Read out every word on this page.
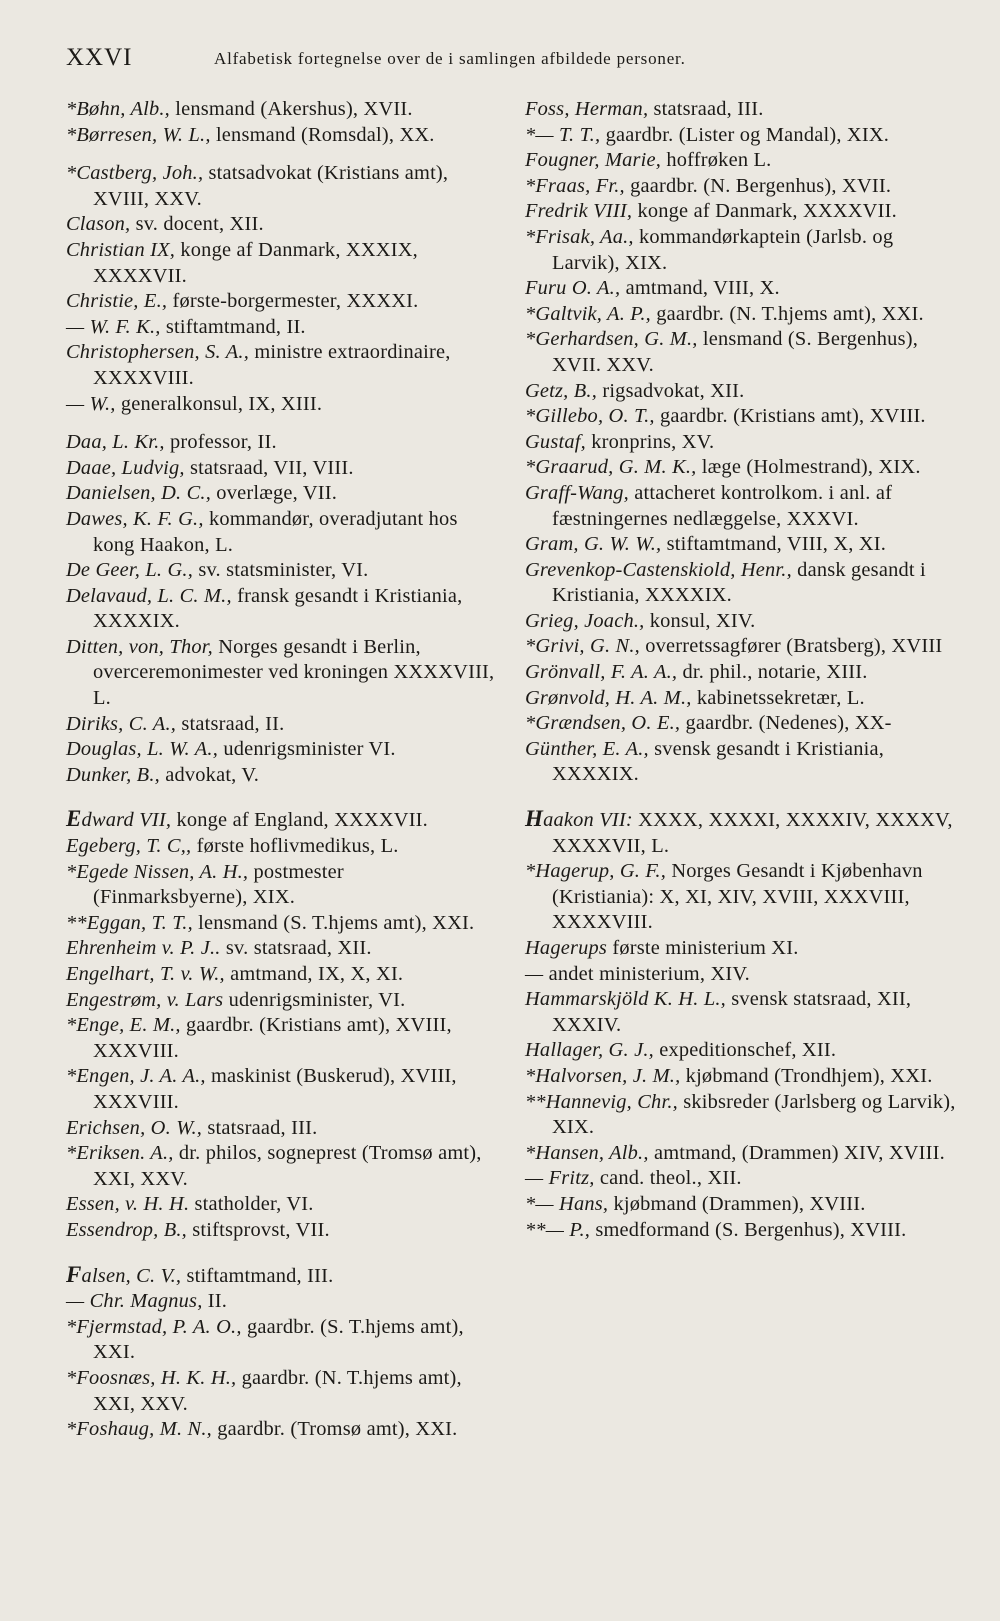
XXVI	Alfabetisk fortegnelse over de i samlingen afbildede personer.
*Bøhn, Alb., lensmand (Akershus), XVII.
*Børresen, W. L., lensmand (Romsdal), XX.
*Castberg, Joh., statsadvokat (Kristians amt), XVIII, XXV.
Clason, sv. docent, XII.
Christian IX, konge af Danmark, XXXIX, XXXXVII.
Christie, E., første-borgermester, XXXXI.
— W. F. K., stiftamtmand, II.
Christophersen, S. A., ministre extraordinaire, XXXXVIII.
— W., generalkonsul, IX, XIII.
Daa, L. Kr., professor, II.
Daae, Ludvig, statsraad, VII, VIII.
Danielsen, D. C., overlæge, VII.
Dawes, K. F. G., kommandør, overadjutant hos kong Haakon, L.
De Geer, L. G., sv. statsminister, VI.
Delavaud, L. C. M., fransk gesandt i Kristiania, XXXXIX.
Ditten, von, Thor, Norges gesandt i Berlin, overceremonimester ved kroningen XXXXVIII, L.
Diriks, C. A., statsraad, II.
Douglas, L. W. A., udenrigsminister VI.
Dunker, B., advokat, V.
Edward VII, konge af England, XXXXVII.
Egeberg, T. C,, første hoflivmedikus, L.
*Egede Nissen, A. H., postmester (Finmarksbyerne), XIX.
**Eggan, T. T., lensmand (S. T.hjems amt), XXI.
Ehrenheim v. P. J.. sv. statsraad, XII.
Engelhart, T. v. W., amtmand, IX, X, XI.
Engestrøm, v. Lars udenrigsminister, VI.
*Enge, E. M., gaardbr. (Kristians amt), XVIII, XXXVIII.
*Engen, J. A. A., maskinist (Buskerud), XVIII, XXXVIII.
Erichsen, O. W., statsraad, III.
*Eriksen. A., dr. philos, sogneprest (Tromsø amt), XXI, XXV.
Essen, v. H. H. statholder, VI.
Essendrop, B., stiftsprovst, VII.
Falsen, C. V., stiftamtmand, III.
— Chr. Magnus, II.
*Fjermstad, P. A. O., gaardbr. (S. T.hjems amt), XXI.
*Foosnæs, H. K. H., gaardbr. (N. T.hjems amt), XXI, XXV.
*Foshaug, M. N., gaardbr. (Tromsø amt), XXI.
Foss, Herman, statsraad, III.
*— T. T., gaardbr. (Lister og Mandal), XIX.
Fougner, Marie, hoffrøken L.
*Fraas, Fr., gaardbr. (N. Bergenhus), XVII.
Fredrik VIII, konge af Danmark, XXXXVII.
*Frisak, Aa., kommandørkaptein (Jarlsb. og Larvik), XIX.
Furu O. A., amtmand, VIII, X.
*Galtvik, A. P., gaardbr. (N. T.hjems amt), XXI.
*Gerhardsen, G. M., lensmand (S. Bergenhus), XVII. XXV.
Getz, B., rigsadvokat, XII.
*Gillebo, O. T., gaardbr. (Kristians amt), XVIII.
Gustaf, kronprins, XV.
*Graarud, G. M. K., læge (Holmestrand), XIX.
Graff-Wang, attacheret kontrolkom. i anl. af fæstningernes nedlæggelse, XXXVI.
Gram, G. W. W., stiftamtmand, VIII, X, XI.
Grevenkop-Castenskiold, Henr., dansk gesandt i Kristiania, XXXXIX.
Grieg, Joach., konsul, XIV.
*Grivi, G. N., overretssagfører (Bratsberg), XVIII
Grönvall, F. A. A., dr. phil., notarie, XIII.
Grønvold, H. A. M., kabinetssekretær, L.
*Grændsen, O. E., gaardbr. (Nedenes), XX-
Günther, E. A., svensk gesandt i Kristiania, XXXXIX.
Haakon VII: XXXX, XXXXI, XXXXIV, XXXXV, XXXXVII, L.
*Hagerup, G. F., Norges Gesandt i Kjøbenhavn (Kristiania): X, XI, XIV, XVIII, XXXVIII, XXXXVIII.
Hagerups første ministerium XI.
— andet ministerium, XIV.
Hammarskjöld K. H. L., svensk statsraad, XII, XXXIV.
Hallager, G. J., expeditionschef, XII.
*Halvorsen, J. M., kjøbmand (Trondhjem), XXI.
**Hannevig, Chr., skibsreder (Jarlsberg og Larvik), XIX.
*Hansen, Alb., amtmand, (Drammen) XIV, XVIII.
— Fritz, cand. theol., XII.
*— Hans, kjøbmand (Drammen), XVIII.
**— P., smedformand (S. Bergenhus), XVIII.
